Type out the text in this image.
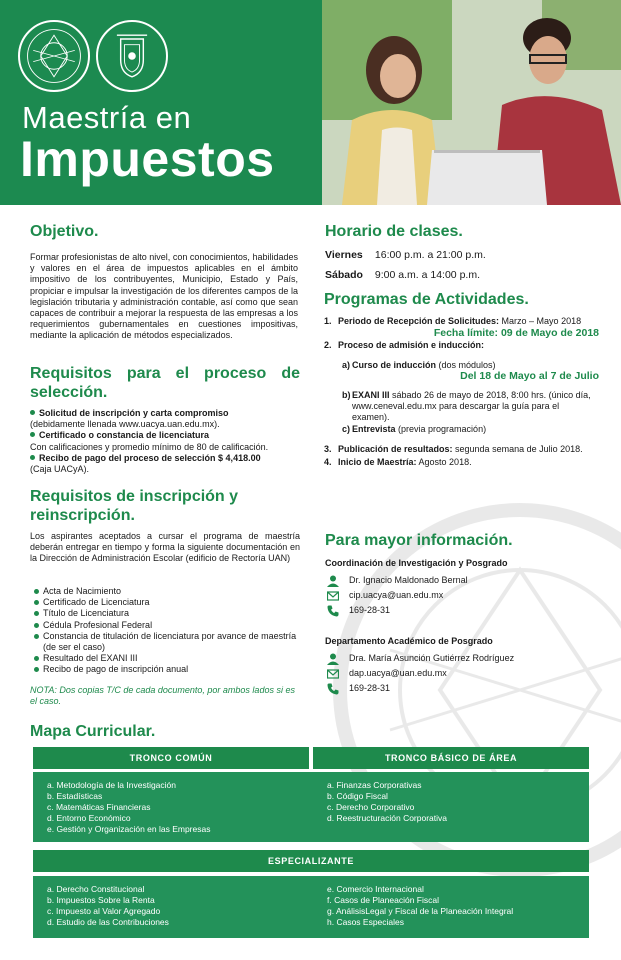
Maestría en
Impuestos
Objetivo.
Formar profesionistas de alto nivel, con conocimientos, habilidades y valores en el área de impuestos aplicables en el ámbito impositivo de los contribuyentes, Municipio, Estado y País, propiciar e impulsar la investigación de los diferentes campos de la legislación tributaria y administración contable, así como que sean capaces de contribuir a mejorar la respuesta de las empresas a los requerimientos gubernamentales en cuestiones impositivas, mediante la aplicación de métodos especializados.
Requisitos para el proceso de selección.
Solicitud de inscripción y carta compromiso
(debidamente llenada www.uacya.uan.edu.mx).
Certificado o constancia de licenciatura
Con calificaciones y promedio mínimo de 80 de calificación.
Recibo de pago del proceso de selección $ 4,418.00
(Caja UACyA).
Requisitos de inscripción y reinscripción.
Los aspirantes aceptados a cursar el programa de maestría deberán entregar en tiempo y forma la siguiente documentación en la Dirección de Administración Escolar (edificio de Rectoría UAN)
Acta de Nacimiento
Certificado de Licenciatura
Título de Licenciatura
Cédula Profesional Federal
Constancia de titulación de licenciatura por avance de maestría (de ser el caso)
Resultado del EXANI III
Recibo de pago de inscripción anual
NOTA: Dos copias T/C de cada documento, por ambos lados si es el caso.
Horario de clases.
Viernes 16:00 p.m. a 21:00 p.m.
Sábado 9:00 a.m. a 14:00 p.m.
Programas de Actividades.
1. Periodo de Recepción de Solicitudes: Marzo – Mayo 2018
Fecha límite: 09 de Mayo de 2018
2. Proceso de admisión e inducción:
a) Curso de inducción (dos módulos)
Del 18 de Mayo al 7 de Julio
b) EXANI III sábado 26 de mayo de 2018, 8:00 hrs. (único día, www.ceneval.edu.mx para descargar la guía para el examen).
c) Entrevista (previa programación)
3. Publicación de resultados: segunda semana de Julio 2018.
4. Inicio de Maestría: Agosto 2018.
Para mayor información.
Coordinación de Investigación y Posgrado
Dr. Ignacio Maldonado Bernal
cip.uacya@uan.edu.mx
169-28-31
Departamento Académico de Posgrado
Dra. María Asunción Gutiérrez Rodríguez
dap.uacya@uan.edu.mx
169-28-31
Mapa Curricular.
TRONCO COMÚN	TRONCO BÁSICO DE ÁREA
a. Metodología de la Investigación
b. Estadísticas
c. Matemáticas Financieras
d. Entorno Económico
e. Gestión y Organización en las Empresas
a. Finanzas Corporativas
b. Código Fiscal
c. Derecho Corporativo
d. Reestructuración Corporativa
ESPECIALIZANTE
a. Derecho Constitucional
b. Impuestos Sobre la Renta
c. Impuesto al Valor Agregado
d. Estudio de las Contribuciones
e. Comercio Internacional
f. Casos de Planeación Fiscal
g. AnálisisLegal y Fiscal de la Planeación Integral
h. Casos Especiales
